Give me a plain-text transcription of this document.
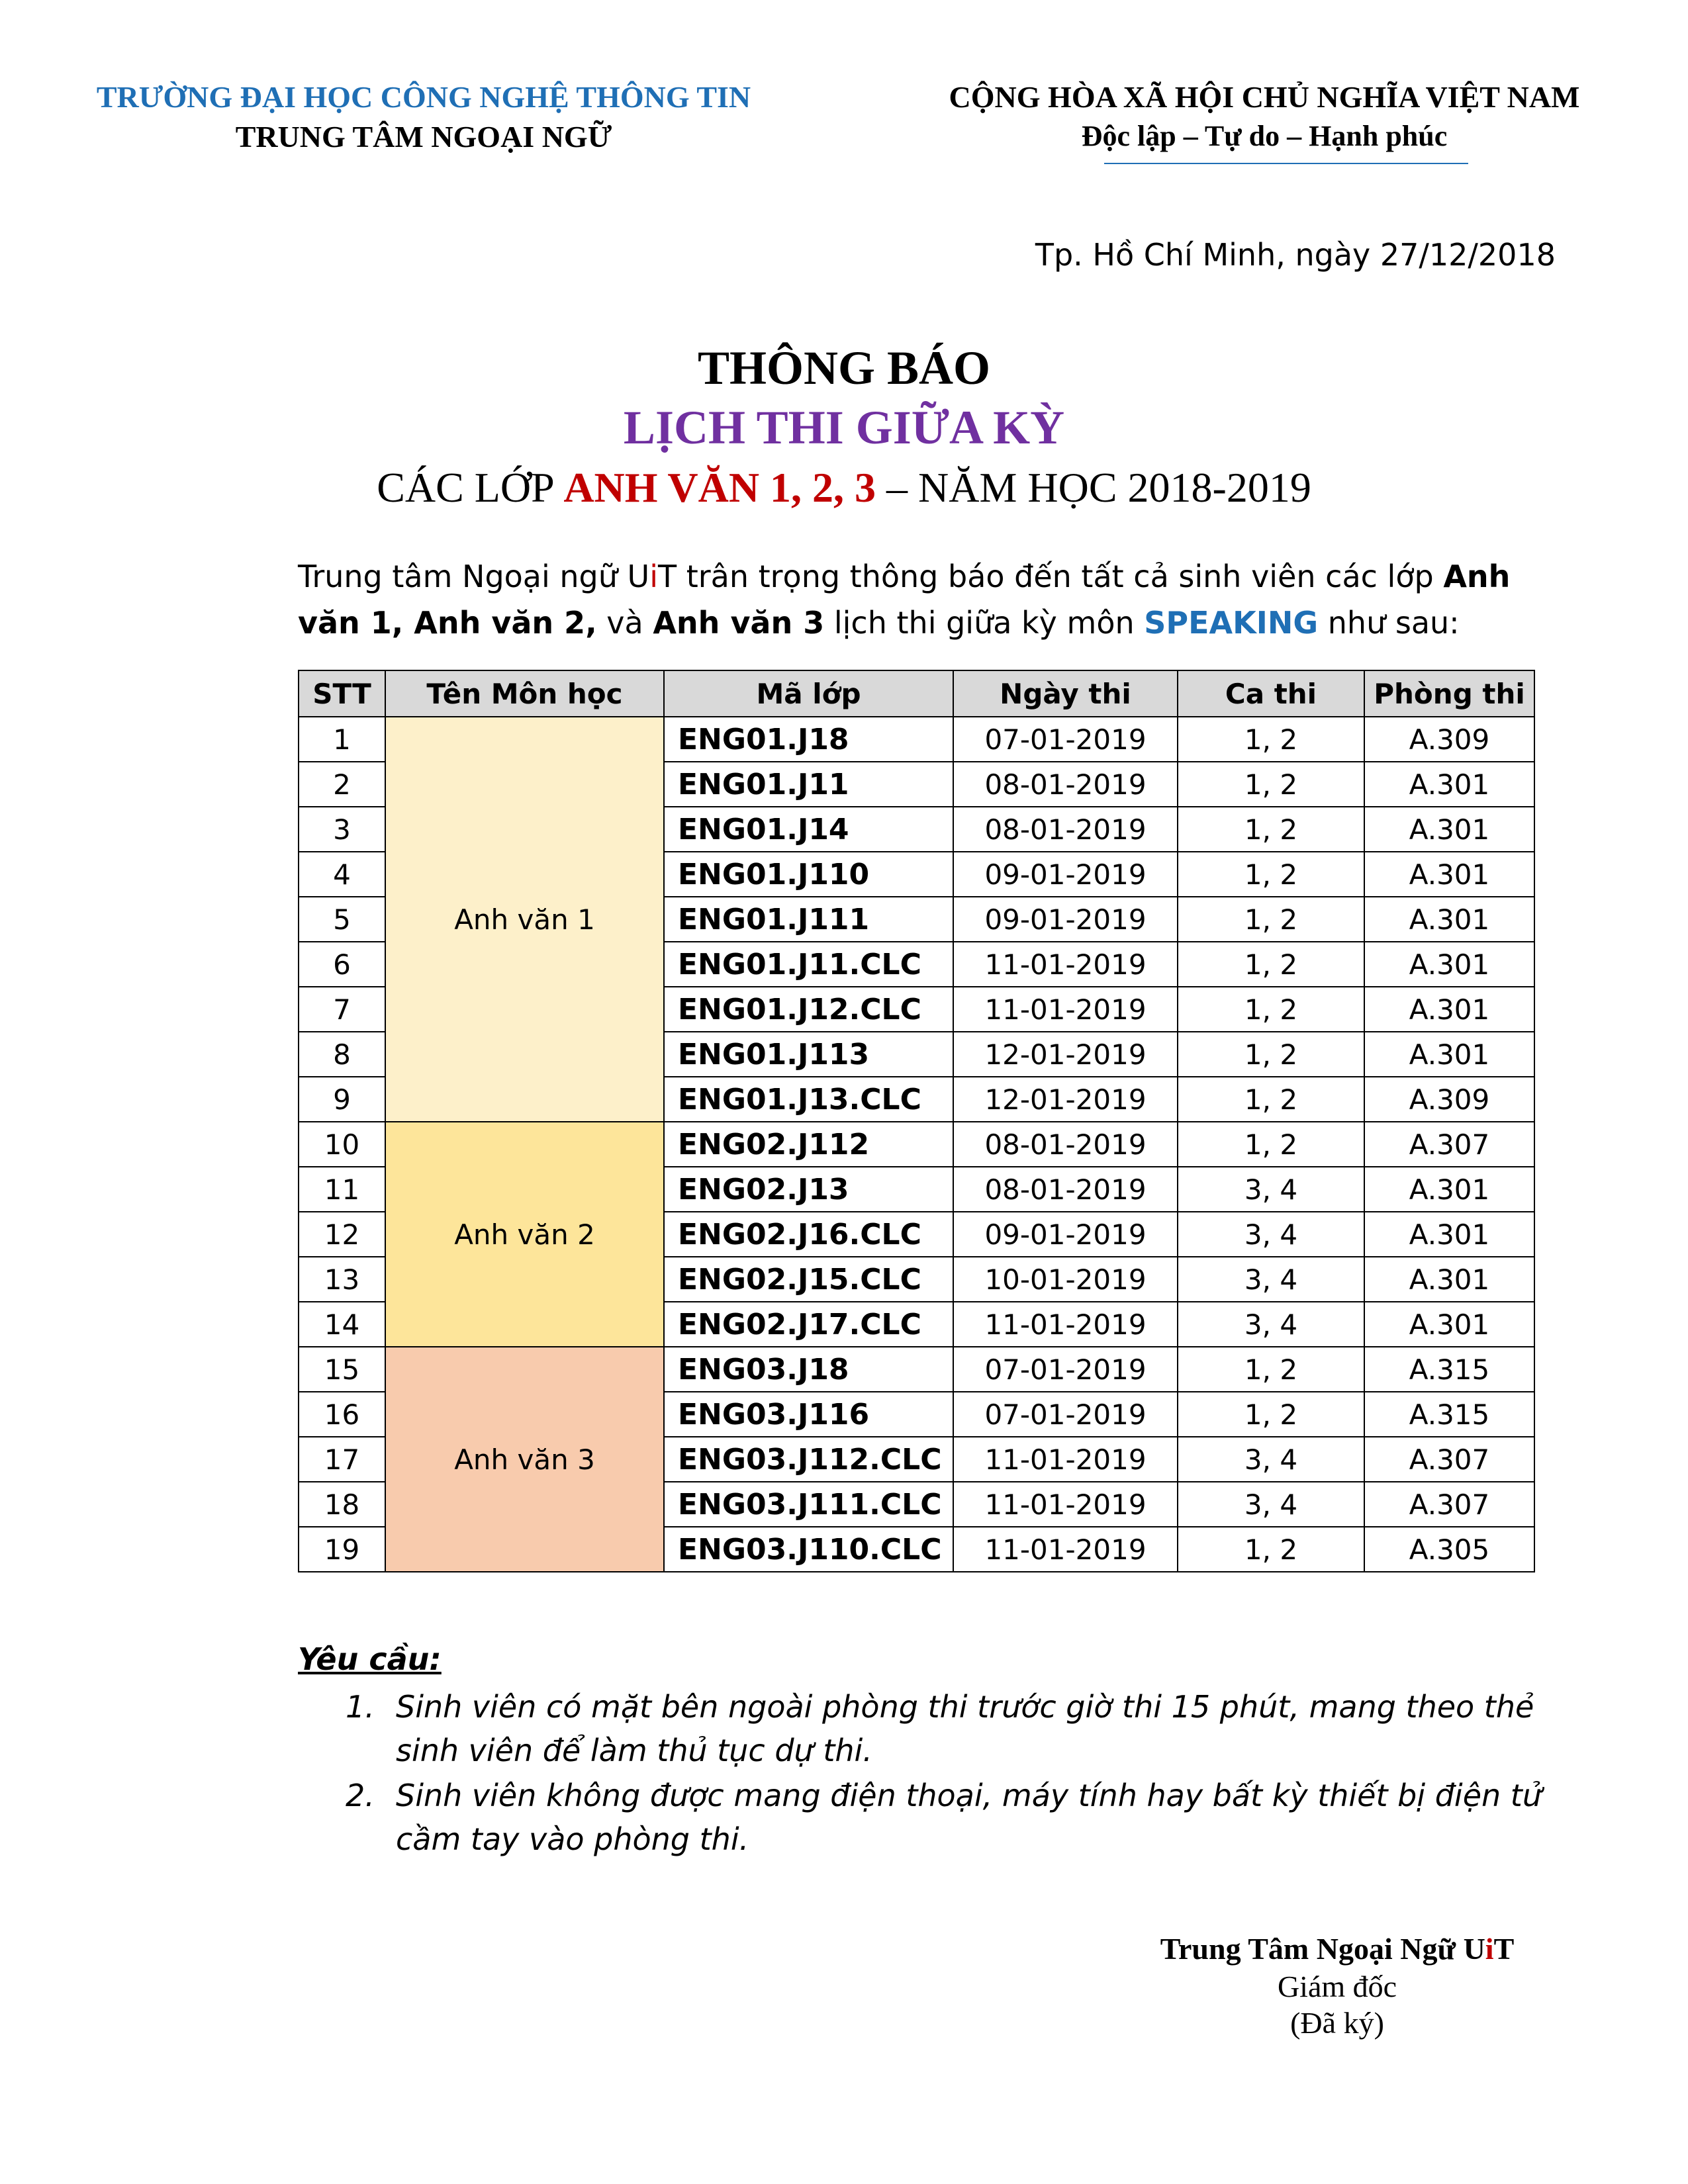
TRƯỜNG ĐẠI HỌC CÔNG NGHỆ THÔNG TIN
TRUNG TÂM NGOẠI NGỮ
CỘNG HÒA XÃ HỘI CHỦ NGHĨA VIỆT NAM
Độc lập – Tự do – Hạnh phúc
Tp. Hồ Chí Minh, ngày 27/12/2018
THÔNG BÁO
LỊCH THI GIỮA KỲ
CÁC LỚP ANH VĂN 1, 2, 3 – NĂM HỌC 2018-2019
Trung tâm Ngoại ngữ UiT trân trọng thông báo đến tất cả sinh viên các lớp Anh văn 1, Anh văn 2, và Anh văn 3 lịch thi giữa kỳ môn SPEAKING như sau:
STT	Tên Môn học	Mã lớp	Ngày thi	Ca thi	Phòng thi
1	Anh văn 1	ENG01.J18	07-01-2019	1, 2	A.309
2		ENG01.J11	08-01-2019	1, 2	A.301
3		ENG01.J14	08-01-2019	1, 2	A.301
4		ENG01.J110	09-01-2019	1, 2	A.301
5		ENG01.J111	09-01-2019	1, 2	A.301
6		ENG01.J11.CLC	11-01-2019	1, 2	A.301
7		ENG01.J12.CLC	11-01-2019	1, 2	A.301
8		ENG01.J113	12-01-2019	1, 2	A.301
9		ENG01.J13.CLC	12-01-2019	1, 2	A.309
10	Anh văn 2	ENG02.J112	08-01-2019	1, 2	A.307
11		ENG02.J13	08-01-2019	3, 4	A.301
12		ENG02.J16.CLC	09-01-2019	3, 4	A.301
13		ENG02.J15.CLC	10-01-2019	3, 4	A.301
14		ENG02.J17.CLC	11-01-2019	3, 4	A.301
15	Anh văn 3	ENG03.J18	07-01-2019	1, 2	A.315
16		ENG03.J116	07-01-2019	1, 2	A.315
17		ENG03.J112.CLC	11-01-2019	3, 4	A.307
18		ENG03.J111.CLC	11-01-2019	3, 4	A.307
19		ENG03.J110.CLC	11-01-2019	1, 2	A.305
Yêu cầu:
1. Sinh viên có mặt bên ngoài phòng thi trước giờ thi 15 phút, mang theo thẻ sinh viên để làm thủ tục dự thi.
2. Sinh viên không được mang điện thoại, máy tính hay bất kỳ thiết bị điện tử cầm tay vào phòng thi.
Trung Tâm Ngoại Ngữ UiT
Giám đốc
(Đã ký)
